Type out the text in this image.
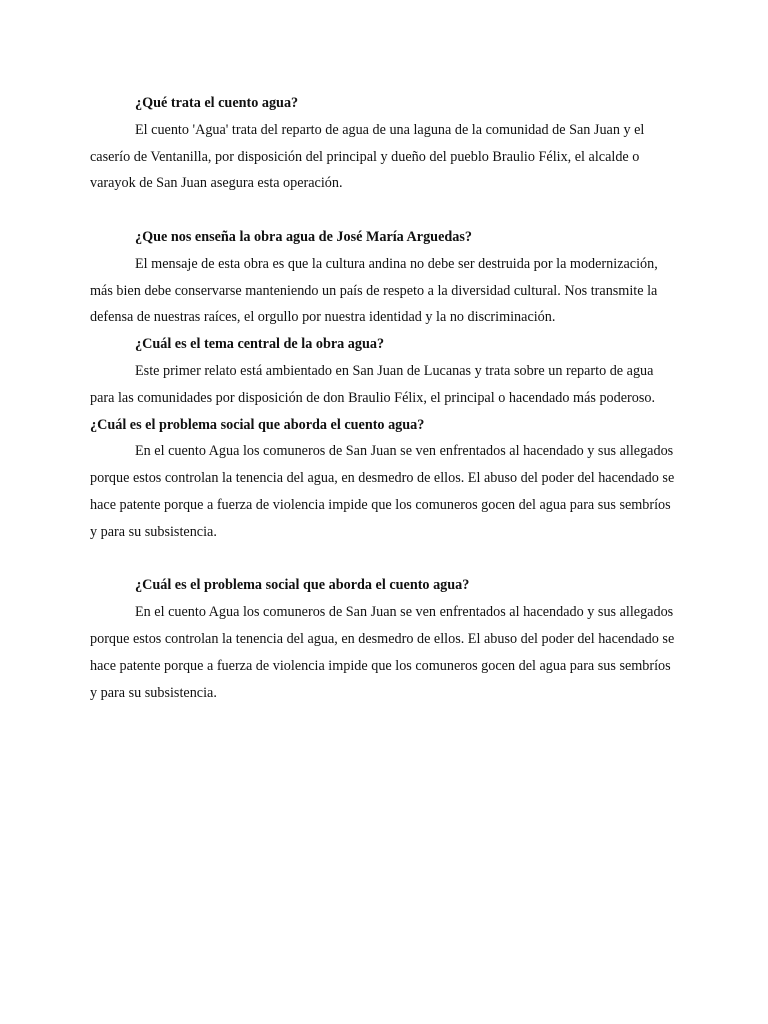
¿Qué trata el cuento agua?

El cuento 'Agua' trata del reparto de agua de una laguna de la comunidad de San Juan y el caserío de Ventanilla, por disposición del principal y dueño del pueblo Braulio Félix, el alcalde o varayok de San Juan asegura esta operación.

¿Que nos enseña la obra agua de José María Arguedas?

El mensaje de esta obra es que la cultura andina no debe ser destruida por la modernización, más bien debe conservarse manteniendo un país de respeto a la diversidad cultural. Nos transmite la defensa de nuestras raíces, el orgullo por nuestra identidad y la no discriminación.

¿Cuál es el tema central de la obra agua?

Este primer relato está ambientado en San Juan de Lucanas y trata sobre un reparto de agua para las comunidades por disposición de don Braulio Félix, el principal o hacendado más poderoso. ¿Cuál es el problema social que aborda el cuento agua?

En el cuento Agua los comuneros de San Juan se ven enfrentados al hacendado y sus allegados porque estos controlan la tenencia del agua, en desmedro de ellos. El abuso del poder del hacendado se hace patente porque a fuerza de violencia impide que los comuneros gocen del agua para sus sembríos y para su subsistencia.

¿Cuál es el problema social que aborda el cuento agua?

En el cuento Agua los comuneros de San Juan se ven enfrentados al hacendado y sus allegados porque estos controlan la tenencia del agua, en desmedro de ellos. El abuso del poder del hacendado se hace patente porque a fuerza de violencia impide que los comuneros gocen del agua para sus sembríos y para su subsistencia.
